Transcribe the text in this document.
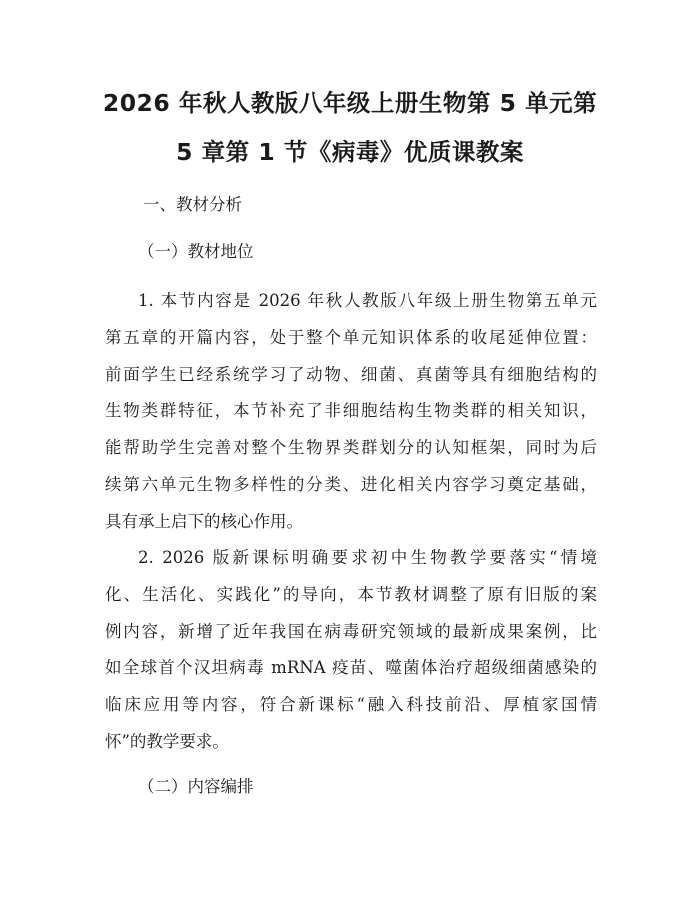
2026 年秋人教版八年级上册生物第 5 单元第
5 章第 1 节《病毒》优质课教案
一、教材分析
（一）教材地位
1. 本节内容是 2026 年秋人教版八年级上册生物第五单元
第五章的开篇内容，处于整个单元知识体系的收尾延伸位置：
前面学生已经系统学习了动物、细菌、真菌等具有细胞结构的
生物类群特征，本节补充了非细胞结构生物类群的相关知识，
能帮助学生完善对整个生物界类群划分的认知框架，同时为后
续第六单元生物多样性的分类、进化相关内容学习奠定基础，
具有承上启下的核心作用。
2. 2026 版新课标明确要求初中生物教学要落实“情境
化、生活化、实践化”的导向，本节教材调整了原有旧版的案
例内容，新增了近年我国在病毒研究领域的最新成果案例，比
如全球首个汉坦病毒 mRNA 疫苗、噬菌体治疗超级细菌感染的
临床应用等内容，符合新课标“融入科技前沿、厚植家国情
怀”的教学要求。
（二）内容编排
